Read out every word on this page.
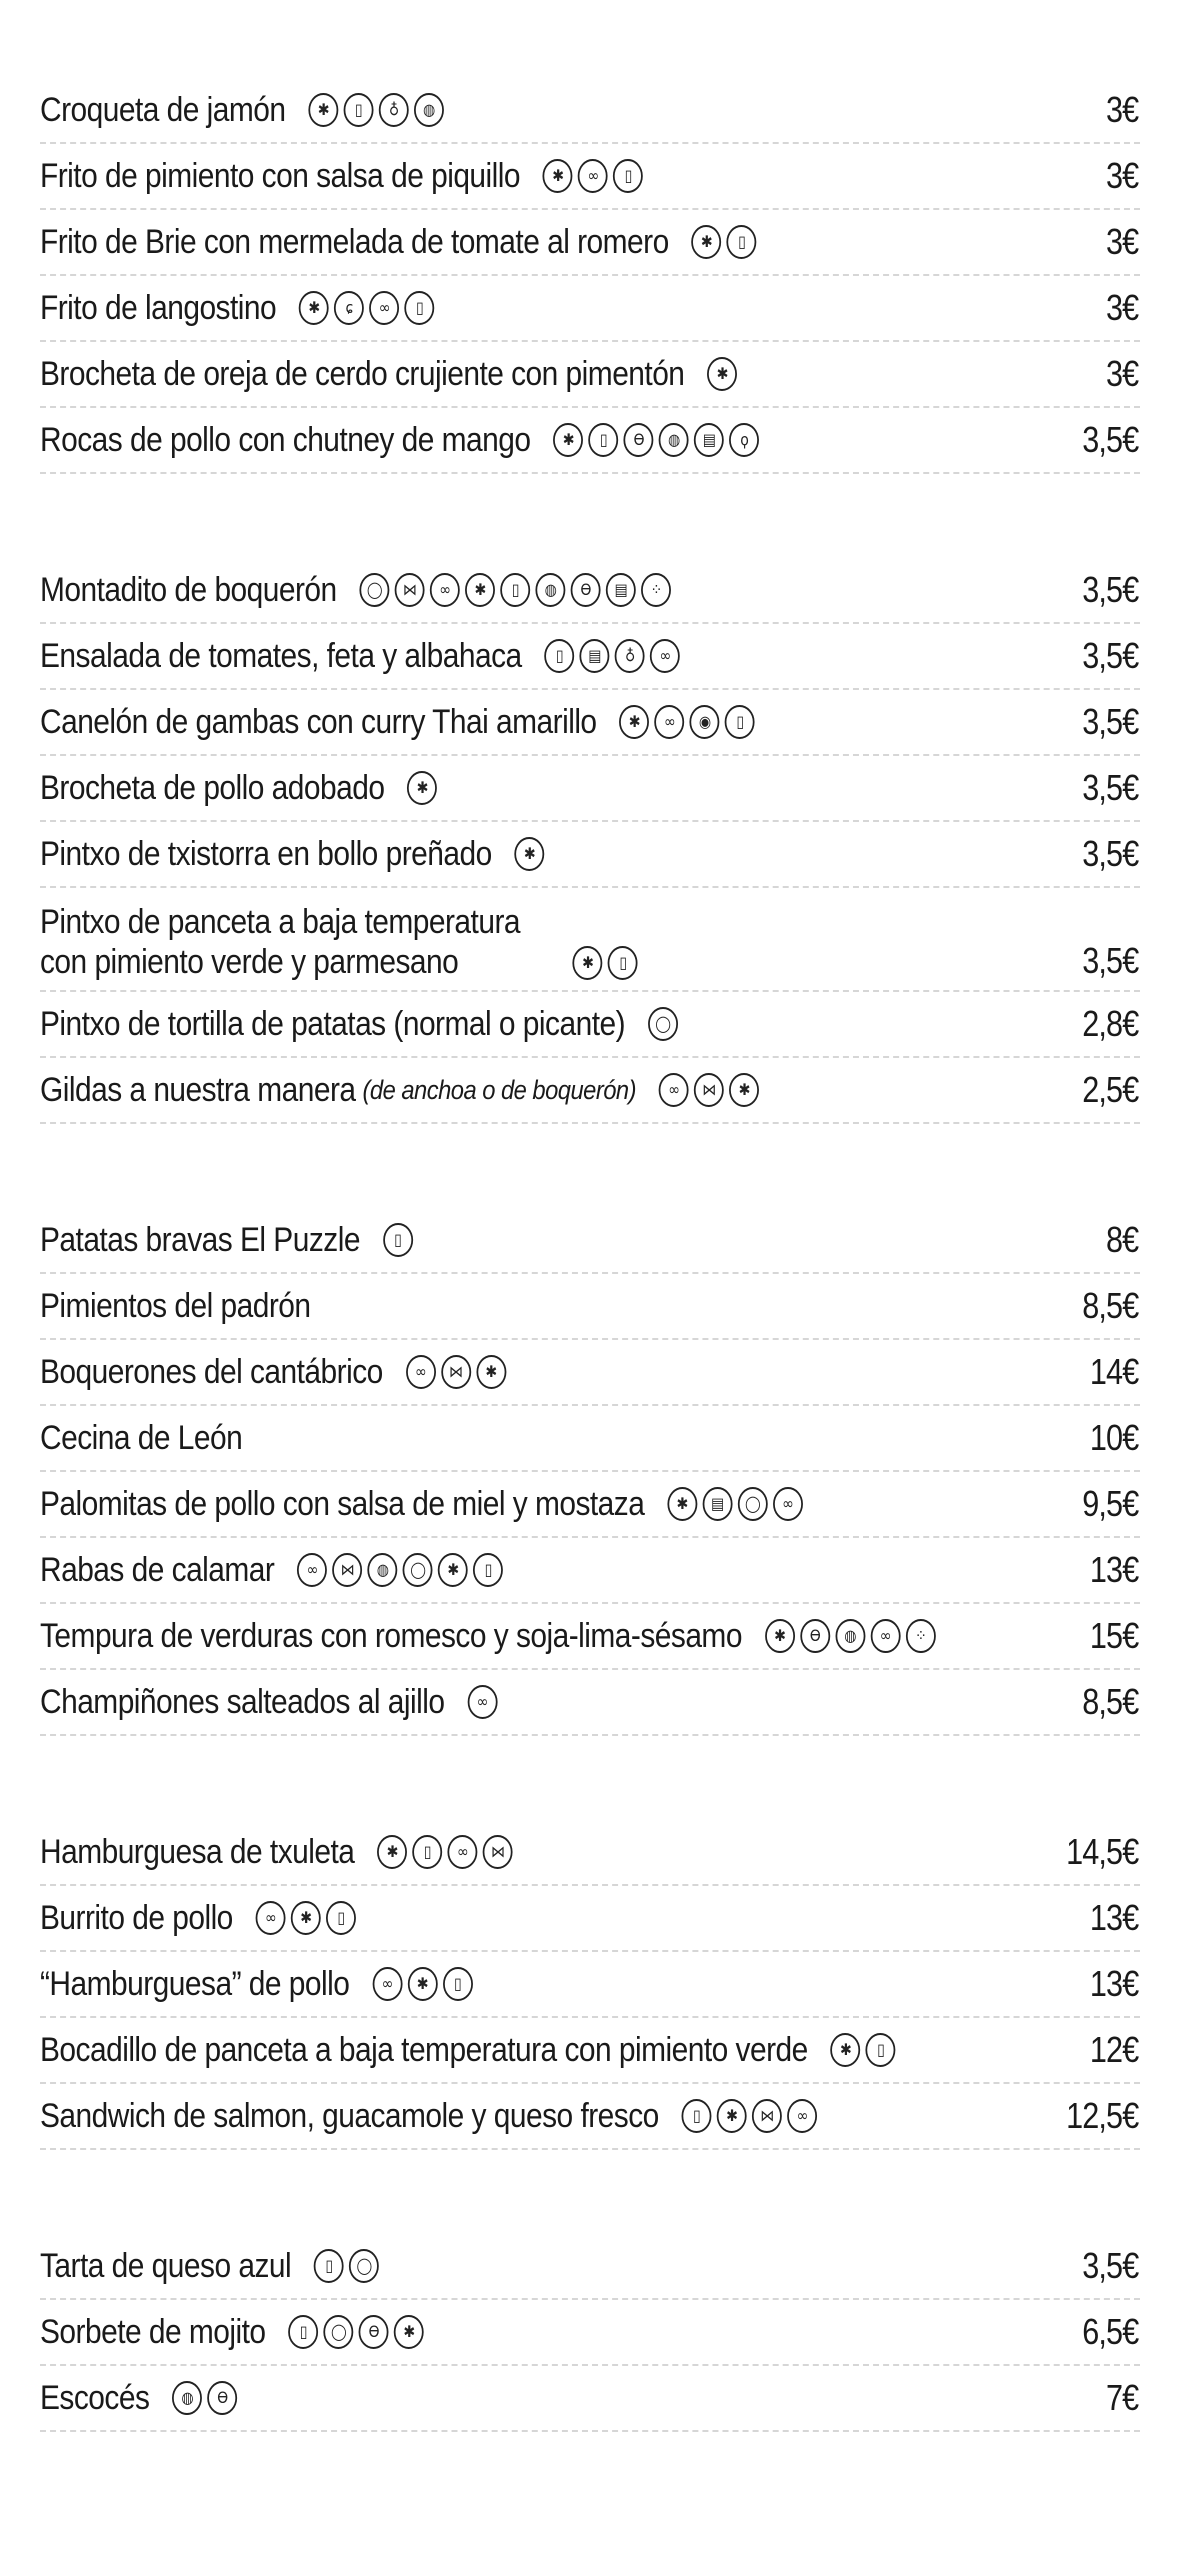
Croqueta de jamón	✱	▯	♁	◍	3€
Frito de pimiento con salsa de piquillo	✱	∞	▯	3€
Frito de Brie con mermelada de tomate al romero	✱	▯	3€
Frito de langostino	✱	ɕ	∞	▯	3€
Brocheta de oreja de cerdo crujiente con pimentón	✱	3€
Rocas de pollo con chutney de mango	✱	▯	ϴ	◍	▤	ϙ	3,5€
Montadito de boquerón	◯	⋈	∞	✱	▯	◍	ϴ	▤	⁘	3,5€
Ensalada de tomates, feta y albahaca	▯	▤	♁	∞	3,5€
Canelón de gambas con curry Thai amarillo	✱	∞	◉	▯	3,5€
Brocheta de pollo adobado	✱	3,5€
Pintxo de txistorra en bollo preñado	✱	3,5€
Pintxo de panceta a baja temperatura
con pimiento verde y parmesano	✱	▯	3,5€
Pintxo de tortilla de patatas (normal o picante)	◯	2,8€
Gildas a nuestra manera (de anchoa o de boquerón)	∞	⋈	✱	2,5€
Patatas bravas El Puzzle	▯	8€
Pimientos del padrón	8,5€
Boquerones del cantábrico	∞	⋈	✱	14€
Cecina de León	10€
Palomitas de pollo con salsa de miel y mostaza	✱	▤	◯	∞	9,5€
Rabas de calamar	∞	⋈	◍	◯	✱	▯	13€
Tempura de verduras con romesco y soja-lima-sésamo	✱	ϴ	◍	∞	⁘	15€
Champiñones salteados al ajillo	∞	8,5€
Hamburguesa de txuleta	✱	▯	∞	⋈	14,5€
Burrito de pollo	∞	✱	▯	13€
“Hamburguesa” de pollo	∞	✱	▯	13€
Bocadillo de panceta a baja temperatura con pimiento verde	✱	▯	12€
Sandwich de salmon, guacamole y queso fresco	▯	✱	⋈	∞	12,5€
Tarta de queso azul	▯	◯	3,5€
Sorbete de mojito	▯	◯	ϴ	✱	6,5€
Escocés	◍	ϴ	7€
